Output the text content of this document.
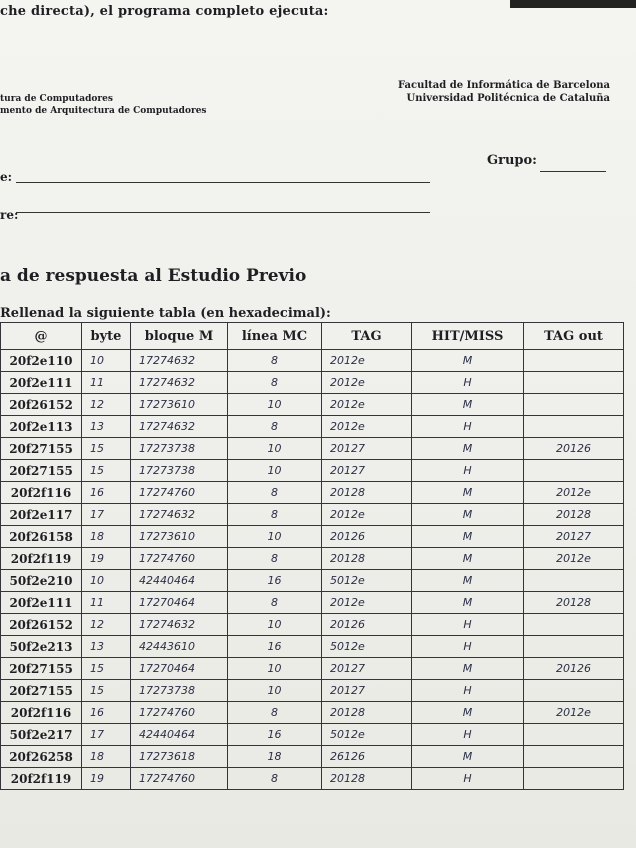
che directa), el programa completo ejecuta:
Facultad de Informática de Barcelona
Universidad Politécnica de Cataluña
tura de Computadores
mento de Arquitectura de Computadores
e:
Grupo:
re:
a de respuesta al Estudio Previo
Rellenad la siguiente tabla (en hexadecimal):
@	byte	bloque M	línea MC	TAG	HIT/MISS	TAG out
20f2e110	10	17274632	8	2012e	M	
20f2e111	11	17274632	8	2012e	H	
20f26152	12	17273610	10	2012e	M	
20f2e113	13	17274632	8	2012e	H	
20f27155	15	17273738	10	20127	M	20126
20f27155	15	17273738	10	20127	H	
20f2f116	16	17274760	8	20128	M	2012e
20f2e117	17	17274632	8	2012e	M	20128
20f26158	18	17273610	10	20126	M	20127
20f2f119	19	17274760	8	20128	M	2012e
50f2e210	10	42440464	16	5012e	M	
20f2e111	11	17270464	8	2012e	M	20128
20f26152	12	17274632	10	20126	H	
50f2e213	13	42443610	16	5012e	H	
20f27155	15	17270464	10	20127	M	20126
20f27155	15	17273738	10	20127	H	
20f2f116	16	17274760	8	20128	M	2012e
50f2e217	17	42440464	16	5012e	H	
20f26258	18	17273618	18	26126	M	
20f2f119	19	17274760	8	20128	H	
